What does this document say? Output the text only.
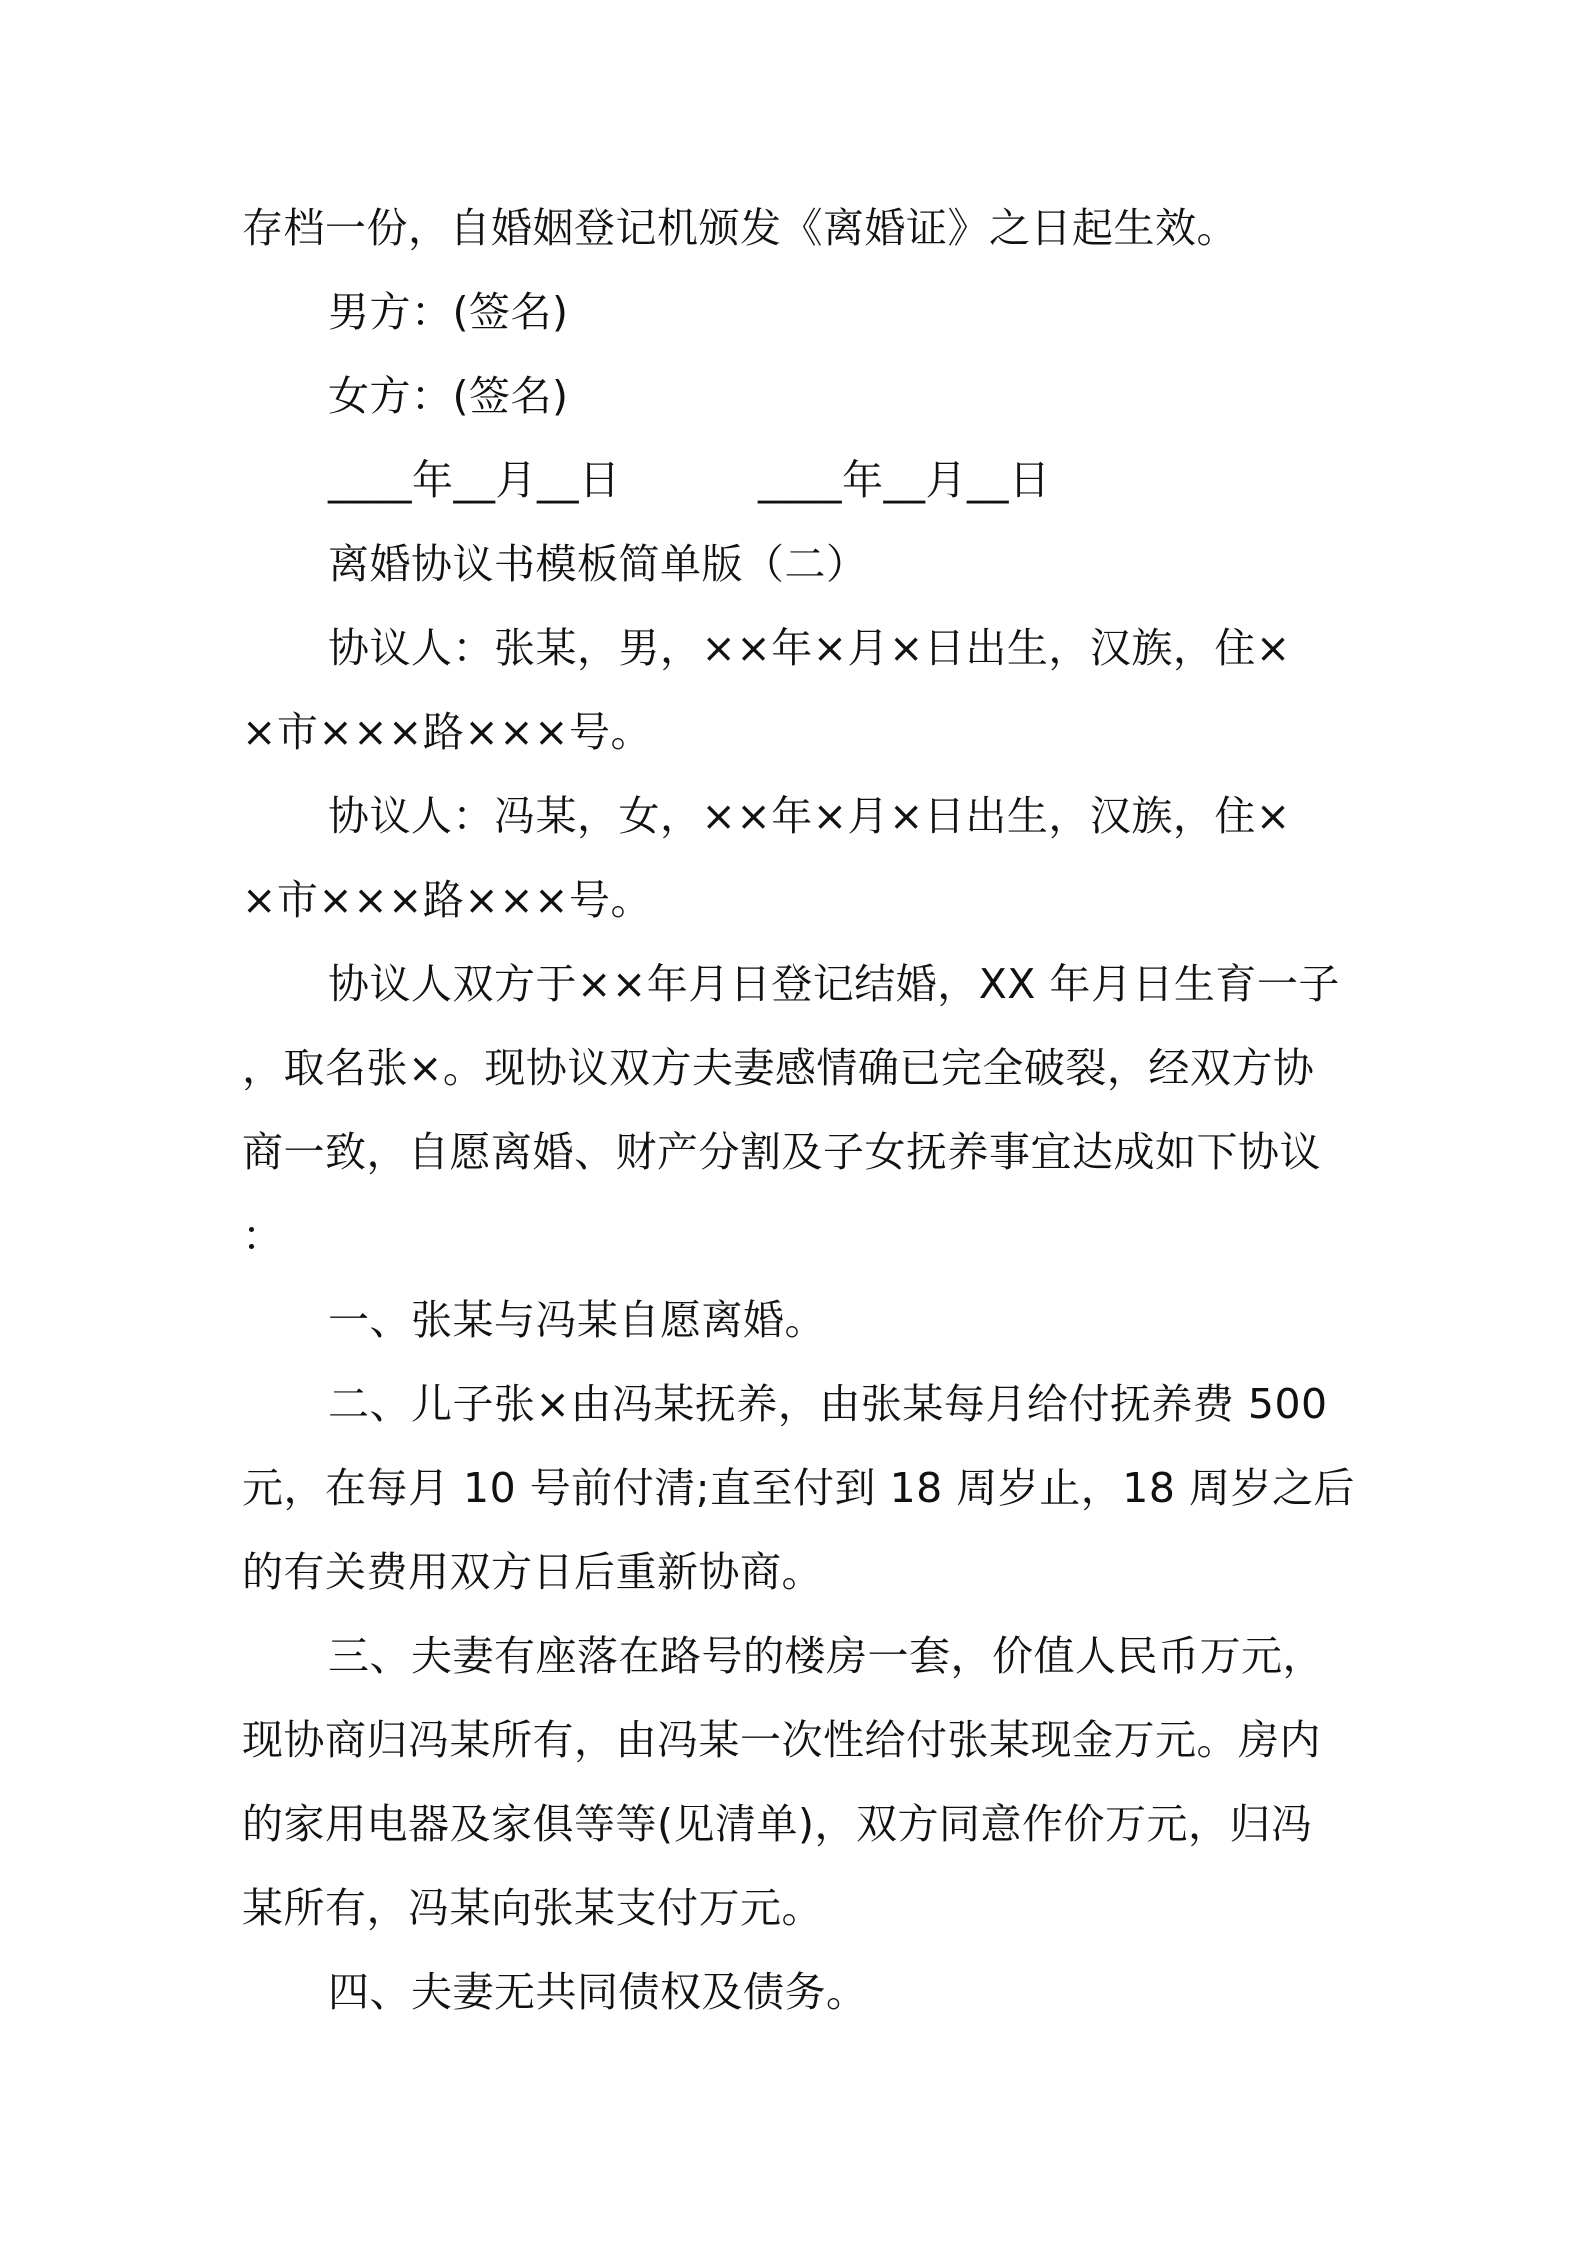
存档一份，自婚姻登记机颁发《离婚证》之日起生效。
男方：(签名)
女方：(签名)
____年__月__日	____年__月__日
离婚协议书模板简单版（二）
协议人：张某，男，××年×月×日出生，汉族，住×
×市×××路×××号。
协议人：冯某，女，××年×月×日出生，汉族，住×
×市×××路×××号。
协议人双方于××年月日登记结婚，XX 年月日生育一子
，取名张×。现协议双方夫妻感情确已完全破裂，经双方协
商一致，自愿离婚、财产分割及子女抚养事宜达成如下协议
：
一、张某与冯某自愿离婚。
二、儿子张×由冯某抚养，由张某每月给付抚养费 500
元，在每月 10 号前付清;直至付到 18 周岁止，18 周岁之后
的有关费用双方日后重新协商。
三、夫妻有座落在路号的楼房一套，价值人民币万元，
现协商归冯某所有，由冯某一次性给付张某现金万元。房内
的家用电器及家俱等等(见清单)，双方同意作价万元，归冯
某所有，冯某向张某支付万元。
四、夫妻无共同债权及债务。
